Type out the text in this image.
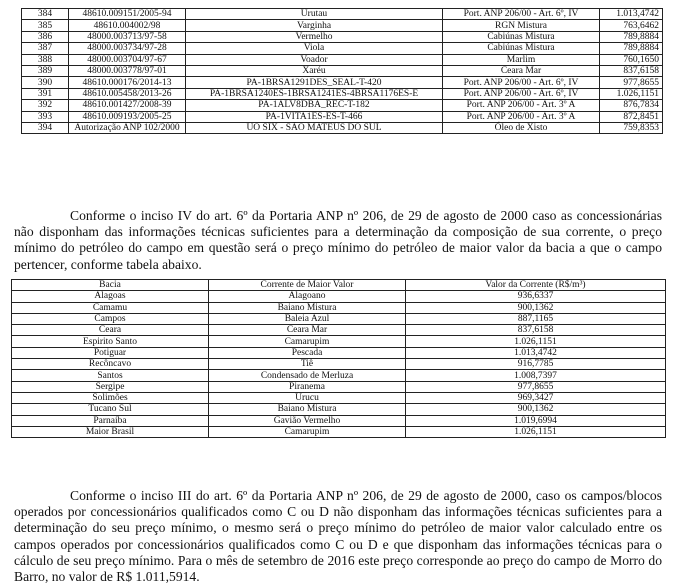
384	48610.009151/2005-94	Urutau	Port. ANP 206/00 - Art. 6º, IV	1.013,4742
385	48610.004002/98	Varginha	RGN Mistura	763,6462
386	48000.003713/97-58	Vermelho	Cabiúnas Mistura	789,8884
387	48000.003734/97-28	Viola	Cabiúnas Mistura	789,8884
388	48000.003704/97-67	Voador	Marlim	760,1650
389	48000.003778/97-01	Xaréu	Ceara Mar	837,6158
390	48610.000176/2014-13	PA-1BRSA1291DES_SEAL-T-420	Port. ANP 206/00 - Art. 6º, IV	977,8655
391	48610.005458/2013-26	PA-1BRSA1240ES-1BRSA1241ES-4BRSA1176ES-E	Port. ANP 206/00 - Art. 6º, IV	1.026,1151
392	48610.001427/2008-39	PA-1ALV8DBA_REC-T-182	Port. ANP 206/00 - Art. 3º A	876,7834
393	48610.009193/2005-25	PA-1VITA1ES-ES-T-466	Port. ANP 206/00 - Art. 3º A	872,8451
394	Autorização ANP 102/2000	UO SIX - SÃO MATEUS DO SUL	Óleo de Xisto	759,8353

Conforme o inciso IV do art. 6º da Portaria ANP nº 206, de 29 de agosto de 2000 caso as concessionárias não disponham das informações técnicas suficientes para a determinação da composição de sua corrente, o preço mínimo do petróleo do campo em questão será o preço mínimo do petróleo de maior valor da bacia a que o campo pertencer, conforme tabela abaixo.

Bacia	Corrente de Maior Valor	Valor da Corrente (R$/m³)
Alagoas	Alagoano	936,6337
Camamu	Baiano Mistura	900,1362
Campos	Baleia Azul	887,1165
Ceara	Ceara Mar	837,6158
Espirito Santo	Camarupim	1.026,1151
Potiguar	Pescada	1.013,4742
Recôncavo	Tiê	916,7785
Santos	Condensado de Merluza	1.008,7397
Sergipe	Piranema	977,8655
Solimões	Urucu	969,3427
Tucano Sul	Baiano Mistura	900,1362
Parnaíba	Gavião Vermelho	1.019,6994
Maior Brasil	Camarupim	1.026,1151

Conforme o inciso III do art. 6º da Portaria ANP nº 206, de 29 de agosto de 2000, caso os campos/blocos operados por concessionários qualificados como C ou D não disponham das informações técnicas suficientes para a determinação do seu preço mínimo, o mesmo será o preço mínimo do petróleo de maior valor calculado entre os campos operados por concessionários qualificados como C ou D e que disponham das informações técnicas para o cálculo de seu preço mínimo. Para o mês de setembro de 2016 este preço corresponde ao preço do campo de Morro do Barro, no valor de R$ 1.011,5914.
